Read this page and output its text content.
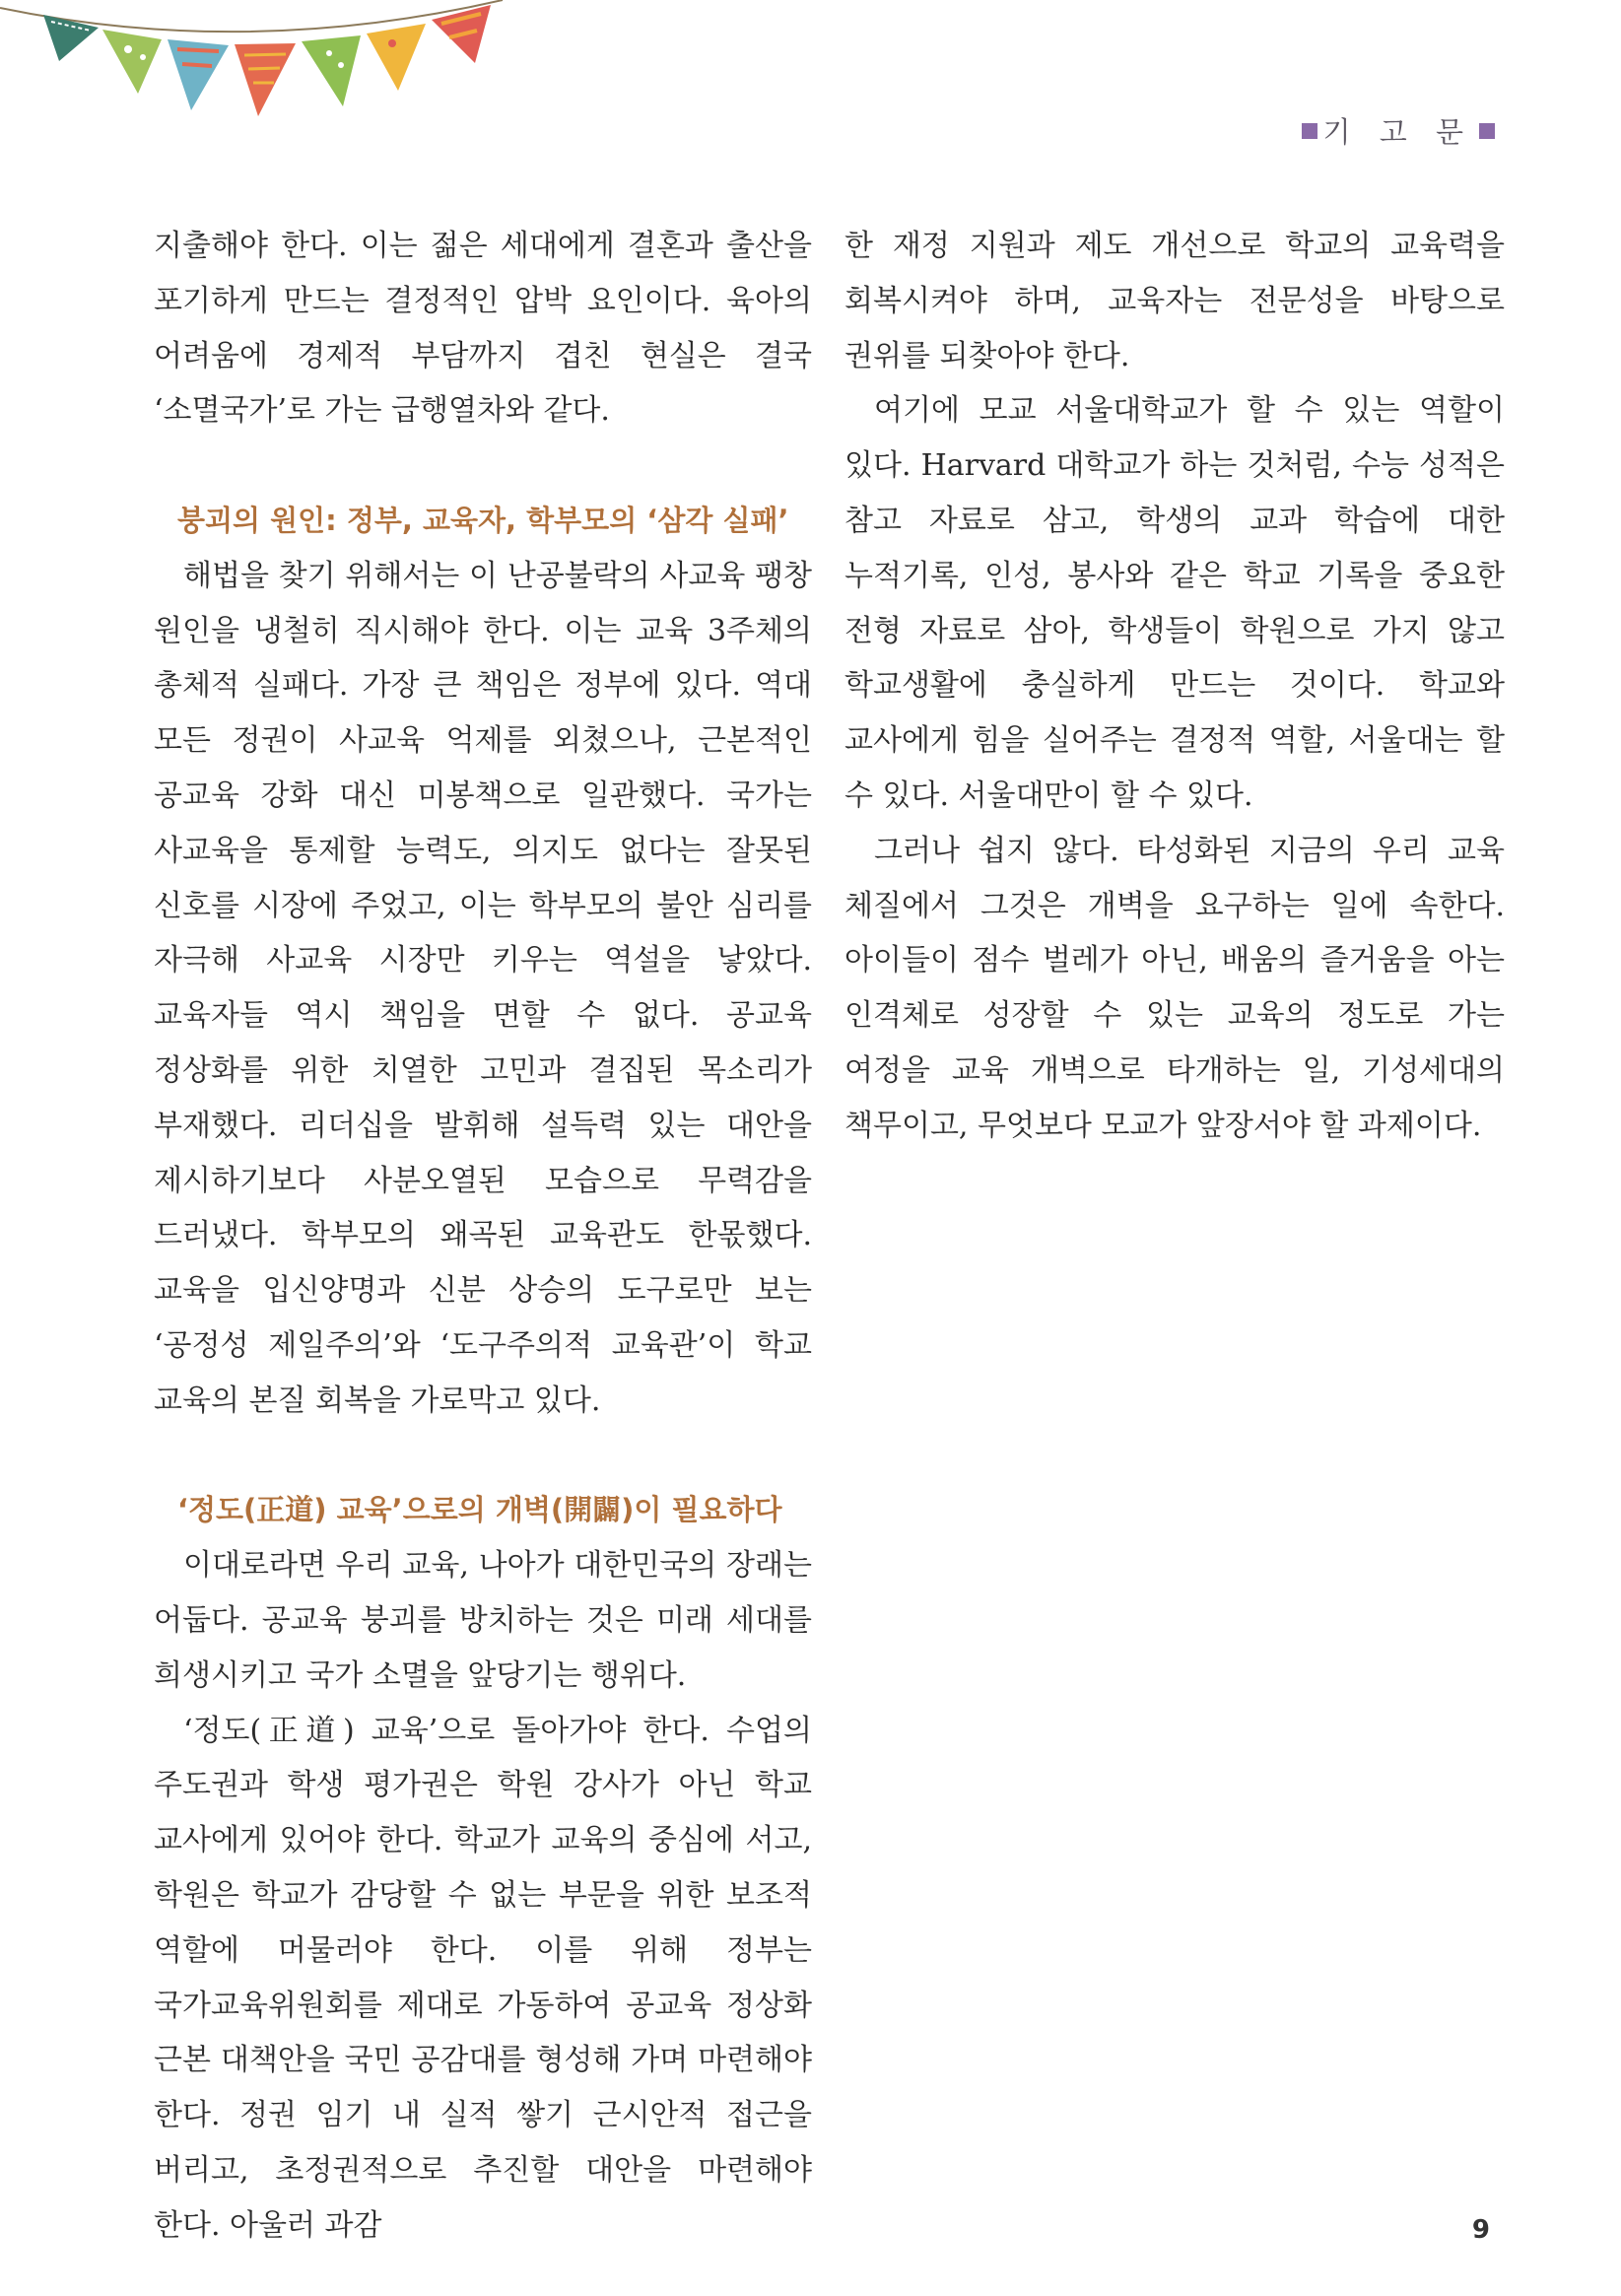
기 고 문

지출해야 한다. 이는 젊은 세대에게 결혼과 출산을 포기하게 만드는 결정적인 압박 요인이다. 육아의 어려움에 경제적 부담까지 겹친 현실은 결국 ‘소멸국가’로 가는 급행열차와 같다.

붕괴의 원인: 정부, 교육자, 학부모의 ‘삼각 실패’

해법을 찾기 위해서는 이 난공불락의 사교육 팽창 원인을 냉철히 직시해야 한다. 이는 교육 3주체의 총체적 실패다. 가장 큰 책임은 정부에 있다. 역대 모든 정권이 사교육 억제를 외쳤으나, 근본적인 공교육 강화 대신 미봉책으로 일관했다. 국가는 사교육을 통제할 능력도, 의지도 없다는 잘못된 신호를 시장에 주었고, 이는 학부모의 불안 심리를 자극해 사교육 시장만 키우는 역설을 낳았다. 교육자들 역시 책임을 면할 수 없다. 공교육 정상화를 위한 치열한 고민과 결집된 목소리가 부재했다. 리더십을 발휘해 설득력 있는 대안을 제시하기보다 사분오열된 모습으로 무력감을 드러냈다. 학부모의 왜곡된 교육관도 한몫했다. 교육을 입신양명과 신분 상승의 도구로만 보는 ‘공정성 제일주의’와 ‘도구주의적 교육관’이 학교 교육의 본질 회복을 가로막고 있다.

‘정도(正道) 교육’으로의 개벽(開闢)이 필요하다

이대로라면 우리 교육, 나아가 대한민국의 장래는 어둡다. 공교육 붕괴를 방치하는 것은 미래 세대를 희생시키고 국가 소멸을 앞당기는 행위다.

‘정도(正道) 교육’으로 돌아가야 한다. 수업의 주도권과 학생 평가권은 학원 강사가 아닌 학교 교사에게 있어야 한다. 학교가 교육의 중심에 서고, 학원은 학교가 감당할 수 없는 부문을 위한 보조적 역할에 머물러야 한다. 이를 위해 정부는 국가교육위원회를 제대로 가동하여 공교육 정상화 근본 대책안을 국민 공감대를 형성해 가며 마련해야 한다. 정권 임기 내 실적 쌓기 근시안적 접근을 버리고, 초정권적으로 추진할 대안을 마련해야 한다. 아울러 과감

한 재정 지원과 제도 개선으로 학교의 교육력을 회복시켜야 하며, 교육자는 전문성을 바탕으로 권위를 되찾아야 한다.

여기에 모교 서울대학교가 할 수 있는 역할이 있다. Harvard 대학교가 하는 것처럼, 수능 성적은 참고 자료로 삼고, 학생의 교과 학습에 대한 누적기록, 인성, 봉사와 같은 학교 기록을 중요한 전형 자료로 삼아, 학생들이 학원으로 가지 않고 학교생활에 충실하게 만드는 것이다. 학교와 교사에게 힘을 실어주는 결정적 역할, 서울대는 할 수 있다. 서울대만이 할 수 있다.

그러나 쉽지 않다. 타성화된 지금의 우리 교육 체질에서 그것은 개벽을 요구하는 일에 속한다. 아이들이 점수 벌레가 아닌, 배움의 즐거움을 아는 인격체로 성장할 수 있는 교육의 정도로 가는 여정을 교육 개벽으로 타개하는 일, 기성세대의 책무이고, 무엇보다 모교가 앞장서야 할 과제이다.

9
